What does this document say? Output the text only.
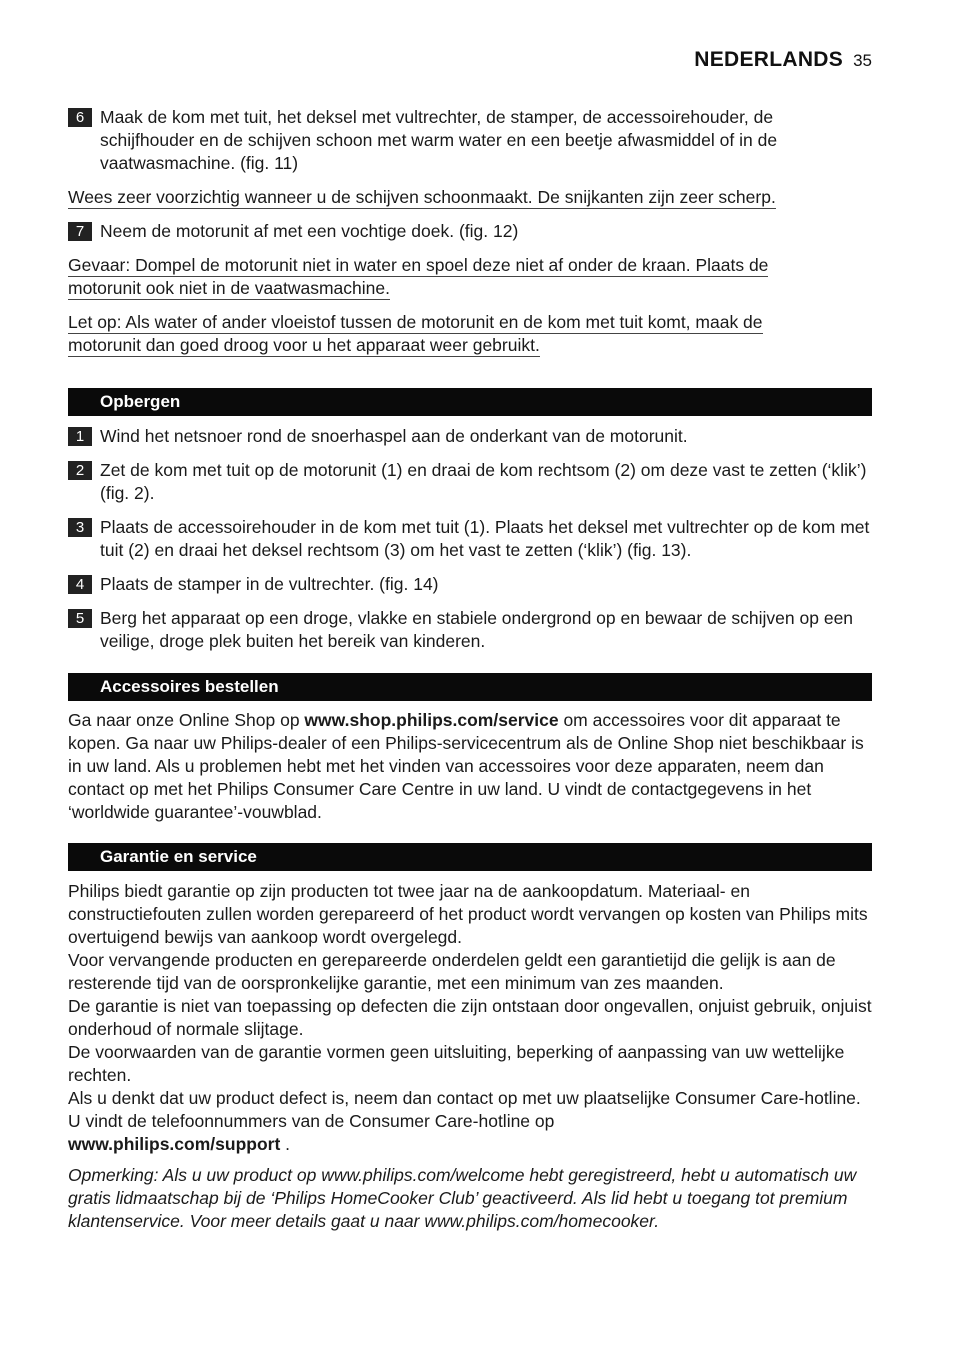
NEDERLANDS 35
6 Maak de kom met tuit, het deksel met vultrechter, de stamper, de accessoirehouder, de schijfhouder en de schijven schoon met warm water en een beetje afwasmiddel of in de vaatwasmachine. (fig. 11)
Wees zeer voorzichtig wanneer u de schijven schoonmaakt. De snijkanten zijn zeer scherp.
7 Neem de motorunit af met een vochtige doek. (fig. 12)
Gevaar: Dompel de motorunit niet in water en spoel deze niet af onder de kraan. Plaats de
motorunit ook niet in de vaatwasmachine.
Let op: Als water of ander vloeistof tussen de motorunit en de kom met tuit komt, maak de
motorunit dan goed droog voor u het apparaat weer gebruikt.
Opbergen
1 Wind het netsnoer rond de snoerhaspel aan de onderkant van de motorunit.
2 Zet de kom met tuit op de motorunit (1) en draai de kom rechtsom (2) om deze vast te zetten (‘klik’) (fig. 2).
3 Plaats de accessoirehouder in de kom met tuit (1). Plaats het deksel met vultrechter op de kom met tuit (2) en draai het deksel rechtsom (3) om het vast te zetten (‘klik’) (fig. 13).
4 Plaats de stamper in de vultrechter. (fig. 14)
5 Berg het apparaat op een droge, vlakke en stabiele ondergrond op en bewaar de schijven op een veilige, droge plek buiten het bereik van kinderen.
Accessoires bestellen

Ga naar onze Online Shop op www.shop.philips.com/service om accessoires voor dit apparaat te kopen. Ga naar uw Philips-dealer of een Philips-servicecentrum als de Online Shop niet beschikbaar is in uw land. Als u problemen hebt met het vinden van accessoires voor deze apparaten, neem dan contact op met het Philips Consumer Care Centre in uw land. U vindt de contactgegevens in het ‘worldwide guarantee’-vouwblad.

Garantie en service

Philips biedt garantie op zijn producten tot twee jaar na de aankoopdatum. Materiaal- en constructiefouten zullen worden gerepareerd of het product wordt vervangen op kosten van Philips mits overtuigend bewijs van aankoop wordt overgelegd.

Voor vervangende producten en gerepareerde onderdelen geldt een garantietijd die gelijk is aan de resterende tijd van de oorspronkelijke garantie, met een minimum van zes maanden.

De garantie is niet van toepassing op defecten die zijn ontstaan door ongevallen, onjuist gebruik, onjuist onderhoud of normale slijtage.

De voorwaarden van de garantie vormen geen uitsluiting, beperking of aanpassing van uw wettelijke rechten.

Als u denkt dat uw product defect is, neem dan contact op met uw plaatselijke Consumer Care-hotline. U vindt de telefoonnummers van de Consumer Care-hotline op

www.philips.com/support .

Opmerking: Als u uw product op www.philips.com/welcome hebt geregistreerd, hebt u automatisch uw gratis lidmaatschap bij de ‘Philips HomeCooker Club’ geactiveerd. Als lid hebt u toegang tot premium klantenservice. Voor meer details gaat u naar www.philips.com/homecooker.
